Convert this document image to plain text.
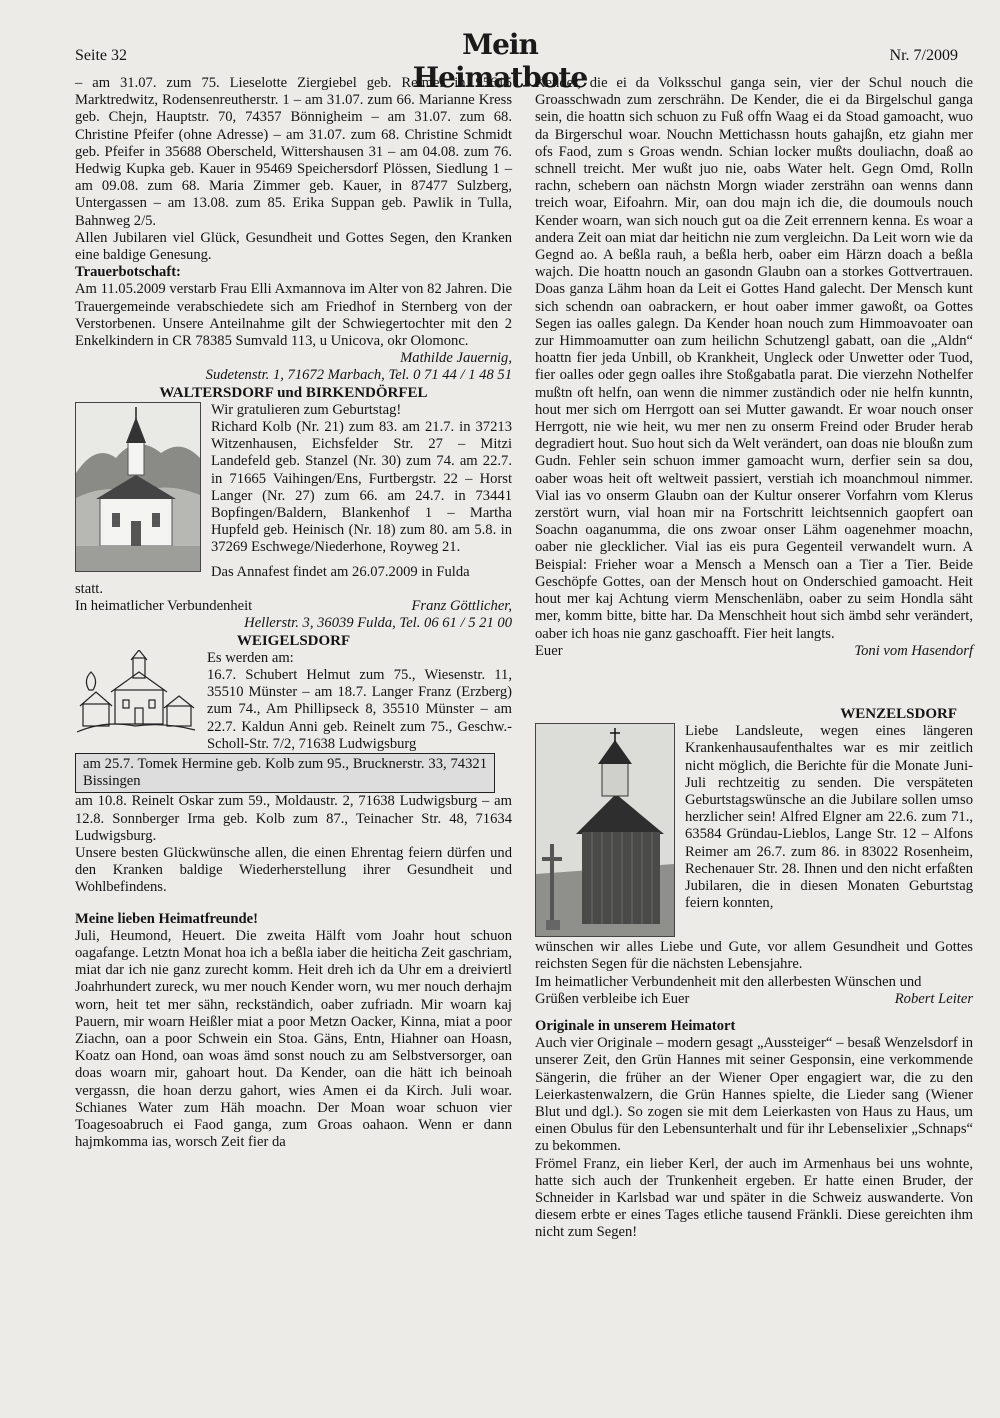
Seite 32	Mein Heimatbote
Nr. 7/2009

– am 31.07. zum 75. Lieselotte Ziergiebel geb. Reimer in 95615 Marktredwitz, Rodensenreutherstr. 1 – am 31.07. zum 66. Marianne Kress geb. Chejn, Hauptstr. 70, 74357 Bönnigheim – am 31.07. zum 68. Christine Pfeifer (ohne Adresse) – am 31.07. zum 68. Christine Schmidt geb. Pfeifer in 35688 Oberscheld, Wittershausen 31 – am 04.08. zum 76. Hedwig Kupka geb. Kauer in 95469 Speichersdorf Plössen, Siedlung 1 – am 09.08. zum 68. Maria Zimmer geb. Kauer, in 87477 Sulzberg, Untergassen – am 13.08. zum 85. Erika Suppan geb. Pawlik in Tulla, Bahnweg 2/5.

Allen Jubilaren viel Glück, Gesundheit und Gottes Segen, den Kranken eine baldige Genesung.

Trauerbotschaft:

Am 11.05.2009 verstarb Frau Elli Axmannova im Alter von 82 Jahren. Die Trauergemeinde verabschiedete sich am Friedhof in Sternberg von der Verstorbenen. Unsere Anteilnahme gilt der Schwiegertochter mit den 2 Enkelkindern in CR 78385 Sumvald 113, u Unicova, okr Olomonc.

Mathilde Jauernig,

Sudetenstr. 1, 71672 Marbach, Tel. 0 71 44 / 1 48 51

WALTERSDORF und BIRKENDÖRFEL

Wir gratulieren zum Geburtstag!

Richard Kolb (Nr. 21) zum 83. am 21.7. in 37213 Witzenhausen, Eichsfelder Str. 27 – Mitzi Landefeld geb. Stanzel (Nr. 30) zum 74. am 22.7. in 71665 Vaihingen/Ens, Furtbergstr. 22 – Horst Langer (Nr. 27) zum 66. am 24.7. in 73441 Bopfingen/Baldern, Blankenhof 1 – Martha Hupfeld geb. Heinisch (Nr. 18) zum 80. am 5.8. in 37269 Eschwege/Niederhone, Royweg 21.

Das Annafest findet am 26.07.2009 in Fulda

statt.

In heimatlicher Verbundenheit	Franz Göttlicher,

Hellerstr. 3, 36039 Fulda, Tel. 06 61 / 5 21 00

WEIGELSDORF

Es werden am:

16.7. Schubert Helmut zum 75., Wiesenstr. 11, 35510 Münster – am 18.7. Langer Franz (Erzberg) zum 74., Am Phillipseck 8, 35510 Münster – am 22.7. Kaldun Anni geb. Reinelt zum 75., Geschw.-Scholl-Str. 7/2, 71638 Ludwigsburg

am 25.7. Tomek Hermine geb. Kolb zum 95., Brucknerstr. 33, 74321 Bissingen

am 10.8. Reinelt Oskar zum 59., Moldaustr. 2, 71638 Ludwigsburg – am 12.8. Sonnberger Irma geb. Kolb zum 87., Teinacher Str. 48, 71634 Ludwigsburg.

Unsere besten Glückwünsche allen, die einen Ehrentag feiern dürfen und den Kranken baldige Wiederherstellung ihrer Gesundheit und Wohlbefindens.

Meine lieben Heimatfreunde!

Juli, Heumond, Heuert. Die zweita Hälft vom Joahr hout schuon oagafange. Letztn Monat hoa ich a beßla iaber die heiticha Zeit gaschriam, miat dar ich nie ganz zurecht komm. Heit dreh ich da Uhr em a dreiviertl Joahrhundert zureck, wu mer nouch Kender worn, wu mer nouch derhajm worn, heit tet mer sähn, reckständich, oaber zufriadn. Mir woarn kaj Pauern, mir woarn Heißler miat a poor Metzn Oacker, Kinna, miat a poor Ziachn, oan a poor Schwein ein Stoa. Gäns, Entn, Hiahner oan Hoasn, Koatz oan Hond, oan woas ämd sonst nouch zu am Selbstversorger, oan doas woarn mir, gahoart hout. Da Kender, oan die hätt ich beinoah vergassn, die hoan derzu gahort, wies Amen ei da Kirch. Juli woar. Schianes Water zum Häh moachn. Der Moan woar schuon vier Toagesoabruch ei Faod ganga, zum Groas oahaon. Wenn er dann hajmkomma ias, worsch Zeit fier da

Kender, die ei da Volksschul ganga sein, vier der Schul nouch die Groasschwadn zum zerschrähn. De Kender, die ei da Birgelschul ganga sein, die hoattn sich schuon zu Fuß offn Waag ei da Stoad gamoacht, wuo da Birgerschul woar. Nouchn Mettichassn houts gahajßn, etz giahn mer ofs Faod, zum s Groas wendn. Schian locker mußts douliachn, doaß ao schnell treicht. Mer wußt juo nie, oabs Water helt. Gegn Omd, Rolln rachn, schebern oan nächstn Morgn wiader zersträhn oan wenns dann treich woar, Eifoahrn. Mir, oan dou majn ich die, die doumouls nouch Kender woarn, wan sich nouch gut oa die Zeit errennern kenna. Es woar a andera Zeit oan miat dar heitichn nie zum vergleichn. Da Leit worn wie da Gegnd ao. A beßla rauh, a beßla herb, oaber eim Härzn doach a beßla wajch. Die hoattn nouch an gasondn Glaubn oan a storkes Gottvertrauen. Doas ganza Lähm hoan da Leit ei Gottes Hand galecht. Der Mensch kunt sich schendn oan oabrackern, er hout oaber immer gawoßt, oa Gottes Segen ias oalles galegn. Da Kender hoan nouch zum Himmoavoater oan zur Himmoamutter oan zum heilichn Schutzengl gabatt, oan die „Aldn“ hoattn fier jeda Unbill, ob Krankheit, Ungleck oder Unwetter oder Tuod, fier oalles oder gegn oalles ihre Stoßgabatla parat. Die vierzehn Nothelfer mußtn oft helfn, oan wenn die nimmer zuständich oder nie helfn kunntn, hout mer sich om Herrgott oan sei Mutter gawandt. Er woar nouch onser Herrgott, nie wie heit, wu mer nen zu onserm Freind oder Bruder herab degradiert hout. Suo hout sich da Welt verändert, oan doas nie bloußn zum Gudn. Fehler sein schuon immer gamoacht wurn, derfier sein sa dou, oaber woas heit oft weltweit passiert, verstiah ich moanchmoul nimmer. Vial ias vo onserm Glaubn oan der Kultur onserer Vorfahrn vom Klerus zerstört wurn, vial hoan mir na Fortschritt leichtsennich gaopfert oan Soachn oaganumma, die ons zwoar onser Lähm oagenehmer moachn, oaber nie glecklicher. Vial ias eis pura Gegenteil verwandelt wurn. A Beispial: Frieher woar a Mensch a Mensch oan a Tier a Tier. Beide Geschöpfe Gottes, oan der Mensch hout on Onderschied gamoacht. Heit hout mer kaj Achtung vierm Menschenläbn, oaber zu seim Hondla säht mer, komm bitte, bitte har. Da Menschheit hout sich ämbd sehr verändert, oaber ich hoas nie ganz gaschoafft. Fier heit langts.

Euer	Toni vom Hasendorf

WENZELSDORF

Liebe Landsleute, wegen eines längeren Krankenhausaufenthaltes war es mir zeitlich nicht möglich, die Berichte für die Monate Juni-Juli rechtzeitig zu senden. Die verspäteten Geburtstagswünsche an die Jubilare sollen umso herzlicher sein! Alfred Elgner am 22.6. zum 71., 63584 Gründau-Lieblos, Lange Str. 12 – Alfons Reimer am 26.7. zum 86. in 83022 Rosenheim, Rechenauer Str. 28. Ihnen und den nicht erfaßten Jubilaren, die in diesen Monaten Geburtstag feiern konnten,

wünschen wir alles Liebe und Gute, vor allem Gesundheit und Gottes reichsten Segen für die nächsten Lebensjahre.

Im heimatlicher Verbundenheit mit den allerbesten Wünschen und

Grüßen verbleibe ich Euer	Robert Leiter

Originale in unserem Heimatort

Auch vier Originale – modern gesagt „Aussteiger“ – besaß Wenzelsdorf in unserer Zeit, den Grün Hannes mit seiner Gesponsin, eine verkommende Sängerin, die früher an der Wiener Oper engagiert war, die zu den Leierkastenwalzern, die Grün Hannes spielte, die Lieder sang (Wiener Blut und dgl.). So zogen sie mit dem Leierkasten von Haus zu Haus, um einen Obulus für den Lebensunterhalt und für ihr Lebenselixier „Schnaps“ zu bekommen.

Frömel Franz, ein lieber Kerl, der auch im Armenhaus bei uns wohnte, hatte sich auch der Trunkenheit ergeben. Er hatte einen Bruder, der Schneider in Karlsbad war und später in die Schweiz auswanderte. Von diesem erbte er eines Tages etliche tausend Fränkli. Diese gereichten ihm nicht zum Segen!
